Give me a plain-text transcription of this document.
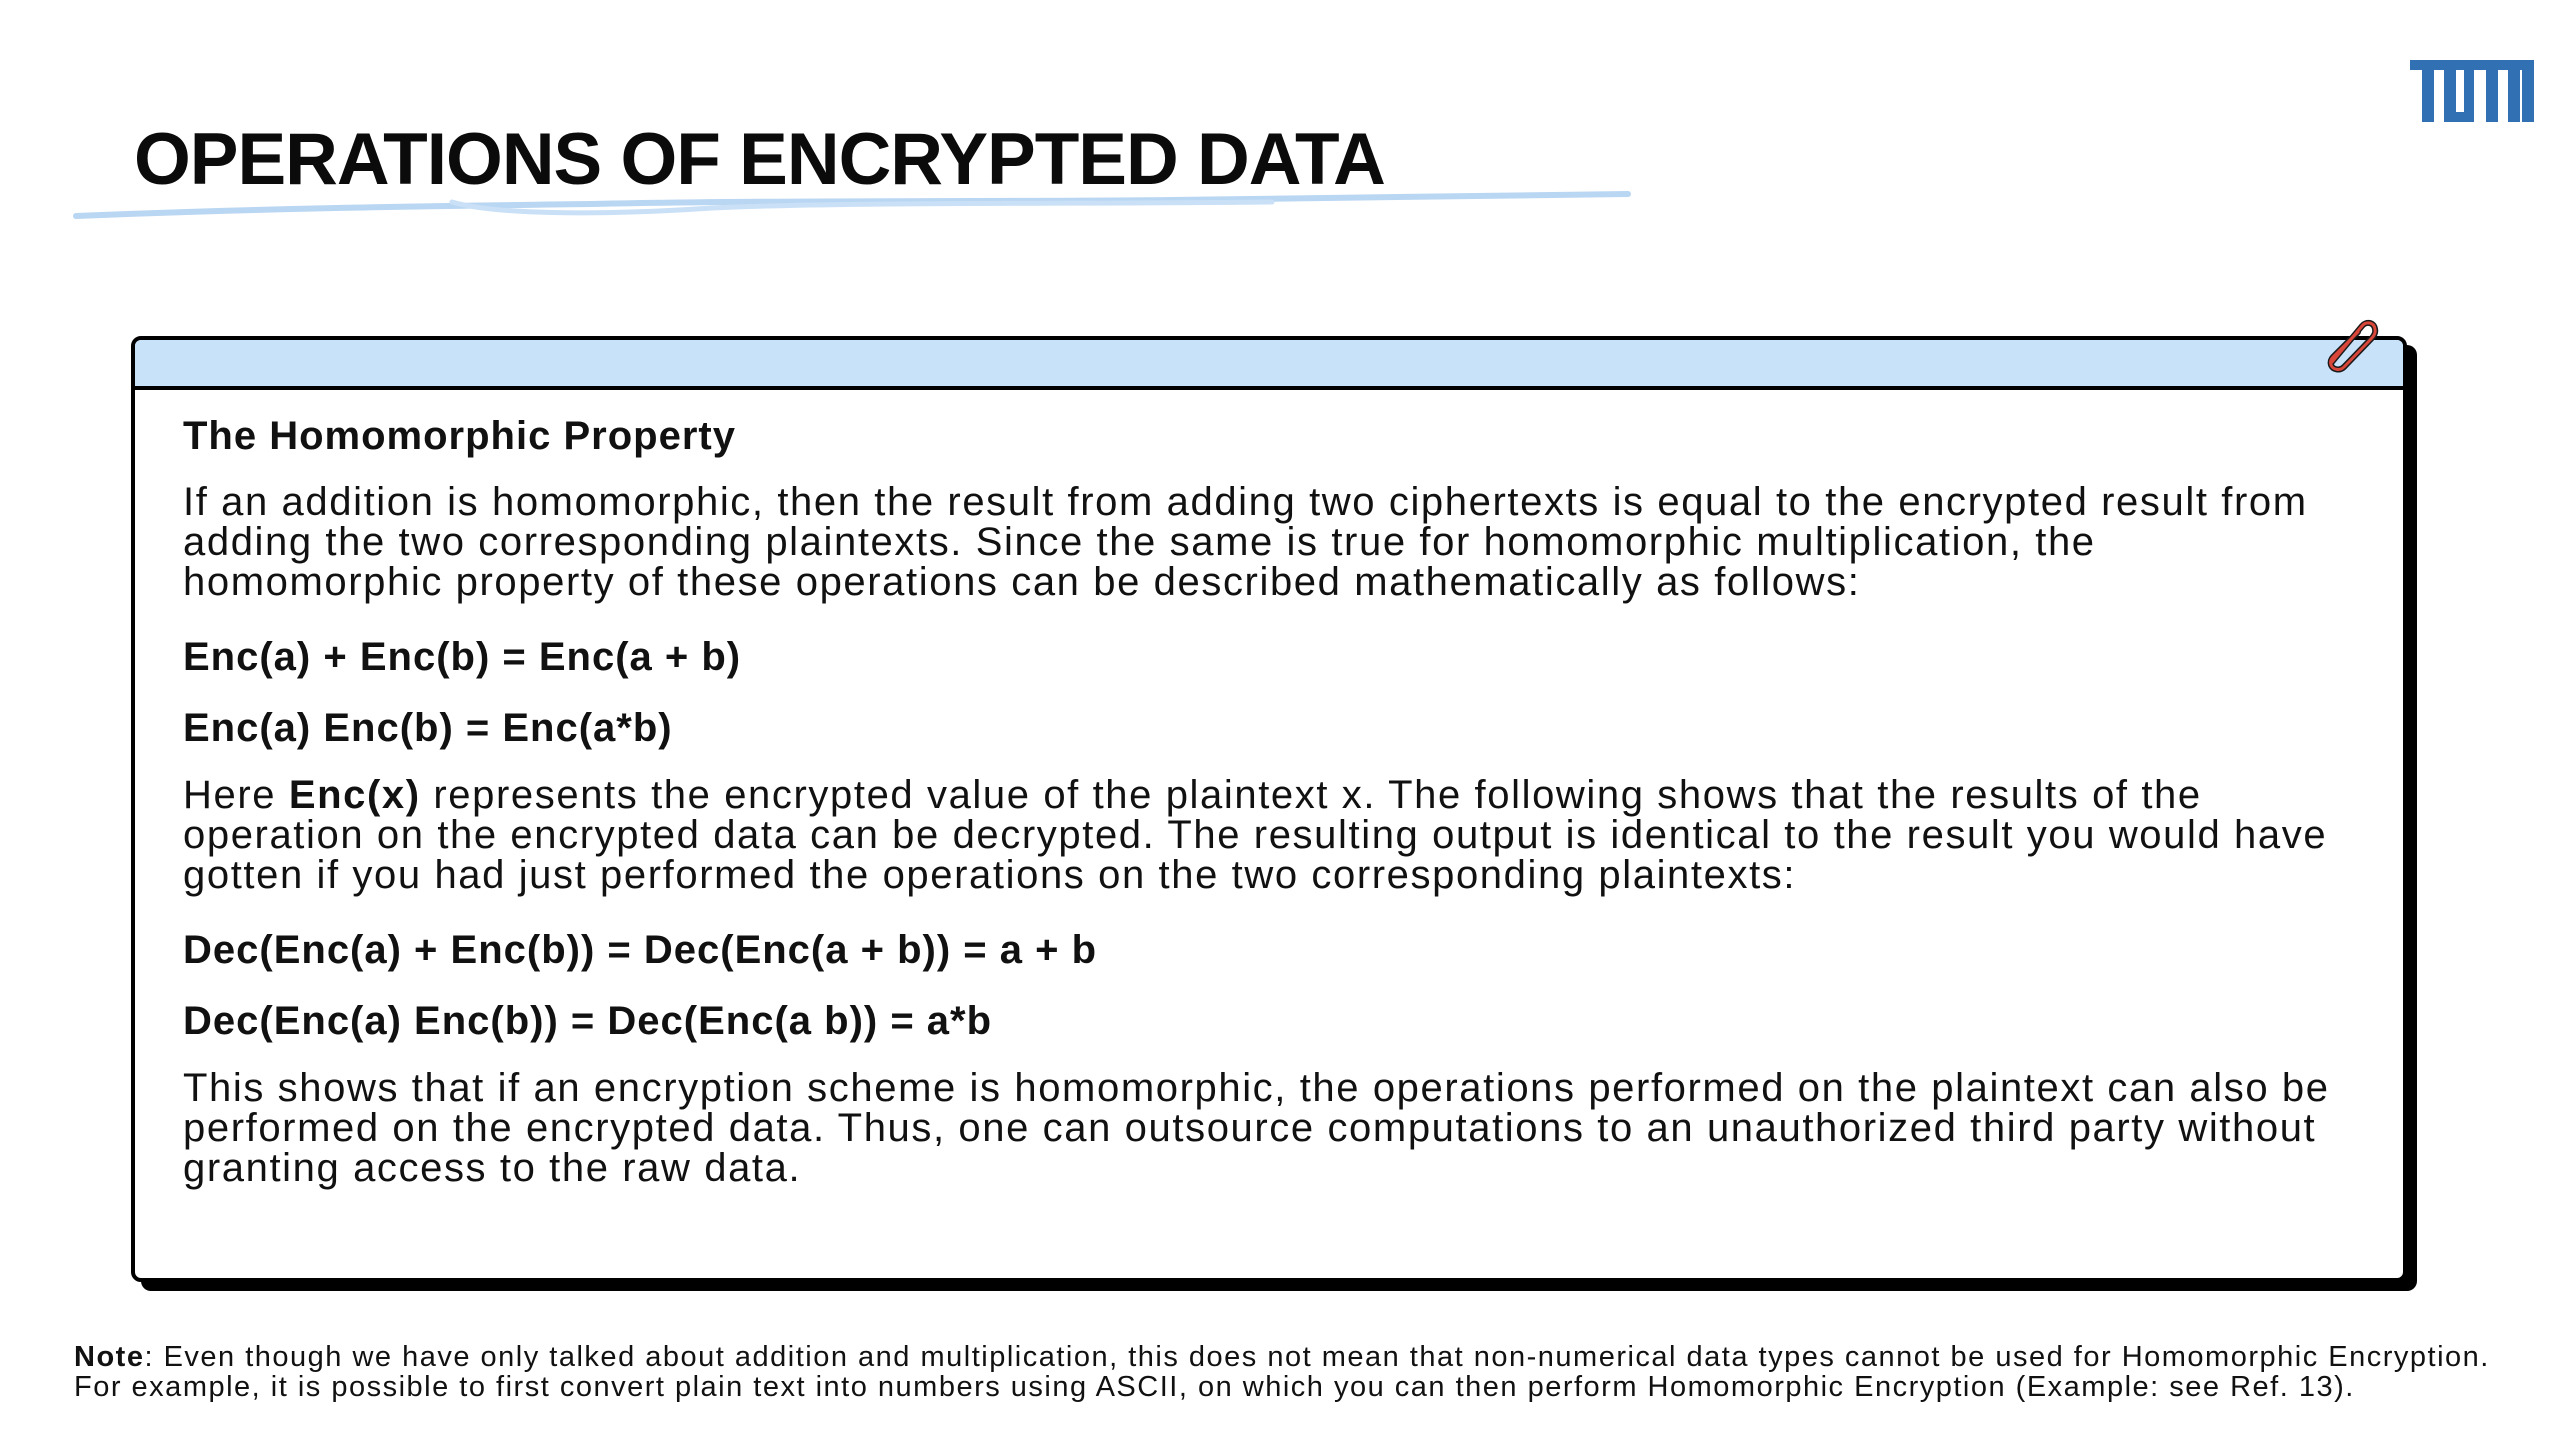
OPERATIONS OF ENCRYPTED DATA

The Homomorphic Property

If an addition is homomorphic, then the result from adding two ciphertexts is equal to the encrypted result from adding the two corresponding plaintexts. Since the same is true for homomorphic multiplication, the homomorphic property of these operations can be described mathematically as follows:

Enc(a) + Enc(b) = Enc(a + b)

Enc(a) Enc(b) = Enc(a*b)

Here Enc(x) represents the encrypted value of the plaintext x. The following shows that the results of the operation on the encrypted data can be decrypted. The resulting output is identical to the result you would have gotten if you had just performed the operations on the two corresponding plaintexts:

Dec(Enc(a) + Enc(b)) = Dec(Enc(a + b)) = a + b

Dec(Enc(a) Enc(b)) = Dec(Enc(a b)) = a*b

This shows that if an encryption scheme is homomorphic, the operations performed on the plaintext can also be performed on the encrypted data. Thus, one can outsource computations to an unauthorized third party without granting access to the raw data.

Note: Even though we have only talked about addition and multiplication, this does not mean that non-numerical data types cannot be used for Homomorphic Encryption. For example, it is possible to first convert plain text into numbers using ASCII, on which you can then perform Homomorphic Encryption (Example: see Ref. 13).
